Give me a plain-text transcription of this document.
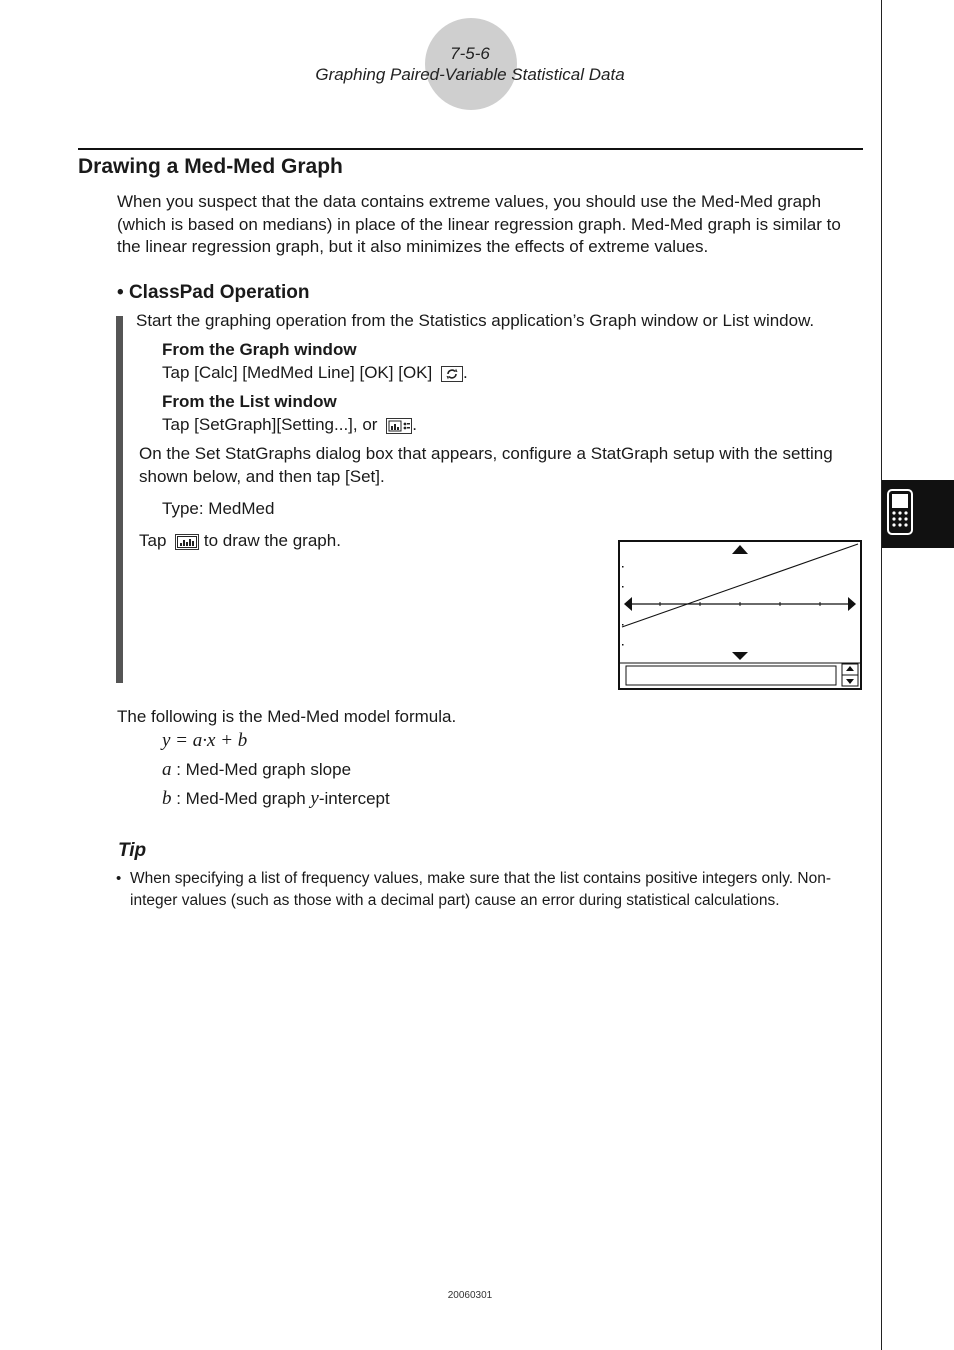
7-5-6
Graphing Paired-Variable Statistical Data
Drawing a Med-Med Graph
When you suspect that the data contains extreme values, you should use the Med-Med graph (which is based on medians) in place of the linear regression graph. Med-Med graph is similar to the linear regression graph, but it also minimizes the effects of extreme values.
• ClassPad Operation
Start the graphing operation from the Statistics application’s Graph window or List window.
From the Graph window
Tap [Calc] [MedMed Line] [OK] [OK] .
From the List window
Tap [SetGraph][Setting...], or .
On the Set StatGraphs dialog box that appears, configure a StatGraph setup with the setting shown below, and then tap [Set].
Type: MedMed
Tap to draw the graph.
The following is the Med-Med model formula.
y = a·x + b
a : Med-Med graph slope
b : Med-Med graph y-intercept
Tip
• When specifying a list of frequency values, make sure that the list contains positive integers only. Non-integer values (such as those with a decimal part) cause an error during statistical calculations.
20060301
